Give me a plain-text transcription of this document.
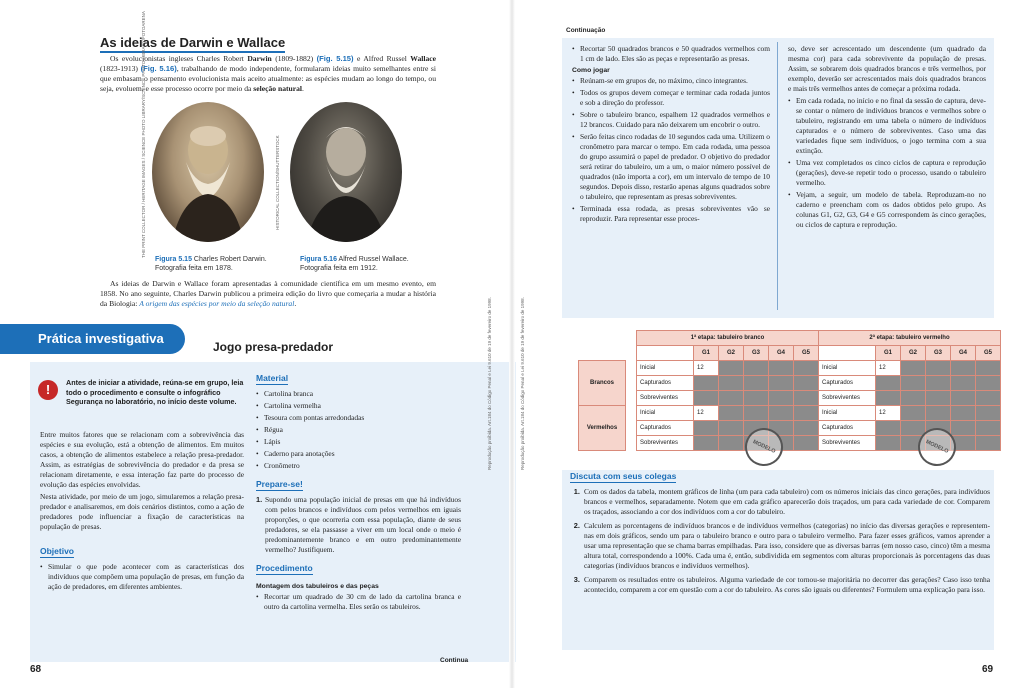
As ideias de Darwin e Wallace
Os evolucionistas ingleses Charles Robert Darwin (1809-1882) (Fig. 5.15) e Alfred Russel Wallace (1823-1913) (Fig. 5.16), trabalhando de modo independente, formularam ideias muito semelhantes entre si que embasam o pensamento evolucionista mais aceito atualmente: as espécies mudam ao longo do tempo, ou seja, evoluem, e esse processo ocorre por meio da seleção natural.
THE PRINT COLLECTOR / HERITAGE IMAGES / SCIENCE PHOTO LIBRARY/SCIENCE PHOTO LIBRARY/FOTOARENA	HISTORICAL COLLECTION/SHUTTERSTOCK
Figura 5.15 Charles Robert Darwin. Fotografia feita em 1878.
Figura 5.16 Alfred Russel Wallace. Fotografia feita em 1912.
As ideias de Darwin e Wallace foram apresentadas à comunidade científica em um mesmo evento, em 1858. No ano seguinte, Charles Darwin publicou a primeira edição do livro que começaria a mudar a história da Biologia: A origem das espécies por meio da seleção natural.
Prática investigativa
Jogo presa-predador
!	Antes de iniciar a atividade, reúna-se em grupo, leia todo o procedimento e consulte o infográfico Segurança no laboratório, no início deste volume.

Entre muitos fatores que se relacionam com a sobrevivência das espécies e sua evolução, está a obtenção de alimentos. Em muitos casos, a obtenção de alimentos estabelece a relação presa-predador. Assim, as estratégias de sobrevivência do predador e da presa se relacionam diretamente, e essa interação faz parte do processo de evolução das espécies envolvidas.

Nesta atividade, por meio de um jogo, simularemos a relação presa-predador e analisaremos, em dois cenários distintos, como a ação de predadores pode influenciar a fixação de características na população de presas.

Objetivo
• Simular o que pode acontecer com as características dos indivíduos que compõem uma população de presas, em função da ação de predadores, em diferentes ambientes.
Material
• Cartolina branca
• Cartolina vermelha
• Tesoura com pontas arredondadas
• Régua
• Lápis
• Caderno para anotações
• Cronômetro
Prepare-se!
1. Supondo uma população inicial de presas em que há indivíduos com pelos brancos e indivíduos com pelos vermelhos em iguais proporções, o que ocorreria com essa população, diante de seus predadores, se ela passasse a viver em um local onde o meio é predominantemente branco e em outro predominantemente vermelho? Justifiquem.
Procedimento
Montagem dos tabuleiros e das peças
• Recortar um quadrado de 30 cm de lado da cartolina branca e outro da cartolina vermelha. Eles serão os tabuleiros.
68
Continua
Reprodução proibida. Art.184 do Código Penal e Lei 9.610 de 19 de fevereiro de 1998.	Reprodução proibida. Art.184 do Código Penal e Lei 9.610 de 19 de fevereiro de 1998.
Continuação
• Recortar 50 quadrados brancos e 50 quadrados vermelhos com 1 cm de lado. Eles são as peças e representarão as presas.
Como jogar
• Reúnam-se em grupos de, no máximo, cinco integrantes.
• Todos os grupos devem começar e terminar cada rodada juntos e sob a direção do professor.
• Sobre o tabuleiro branco, espalhem 12 quadrados vermelhos e 12 brancos. Cuidado para não deixarem um encobrir o outro.
• Serão feitas cinco rodadas de 10 segundos cada uma. Utilizem o cronômetro para marcar o tempo. Em cada rodada, uma pessoa do grupo assumirá o papel de predador. O objetivo do predador será retirar do tabuleiro, um a um, o maior número possível de quadrados (não importa a cor), em um intervalo de tempo de 10 segundos. Depois disso, restarão apenas alguns quadrados sobre o tabuleiro, que representam as presas sobreviventes.
• Terminada essa rodada, as presas sobreviventes vão se reproduzir. Para representar esse proces-

so, deve ser acrescentado um descendente (um quadrado da mesma cor) para cada sobrevivente da população de presas. Assim, se sobrarem dois quadrados brancos e três vermelhos, por exemplo, deverão ser acrescentados mais dois quadrados brancos e mais três vermelhos antes de começar a próxima rodada.

• Em cada rodada, no início e no final da sessão de captura, deve-se contar o número de indivíduos brancos e vermelhos sobre o tabuleiro, registrando em uma tabela o número de indivíduos capturados e o número de sobreviventes. Caso uma das variedades fique sem indivíduos, o jogo termina com a sua extinção.
• Uma vez completados os cinco ciclos de captura e reprodução (gerações), deve-se repetir todo o processo, usando o tabuleiro vermelho.
• Vejam, a seguir, um modelo de tabela. Reproduzam-no no caderno e preencham com os dados obtidos pelo grupo. As colunas G1, G2, G3, G4 e G5 correspondem às cinco gerações, ou ciclos de captura e reprodução.
		1ª etapa: tabuleiro branco						2ª etapa: tabuleiro vermelho					
			G1	G2	G3	G4	G5		G1	G2	G3	G4	G5
Brancos		Inicial	12					Inicial	12				
		Capturados						Capturados					
		Sobreviventes						Sobreviventes					
Vermelhos		Inicial	12					Inicial	12				
		Capturados						Capturados					
		Sobreviventes						Sobreviventes					
MODELO	MODELO
Discuta com seus colegas
1. Com os dados da tabela, montem gráficos de linha (um para cada tabuleiro) com os números iniciais das cinco gerações, para indivíduos brancos e vermelhos, separadamente. Notem que em cada gráfico aparecerão dois traçados, um para cada variedade de cor. Comparem os traçados, associando a cor dos indivíduos com a cor do tabuleiro.
2. Calculem as porcentagens de indivíduos brancos e de indivíduos vermelhos (categorias) no início das diversas gerações e representem-nas em dois gráficos, sendo um para o tabuleiro branco e outro para o tabuleiro vermelho. Para fazer esses gráficos, vamos aprender a usar uma representação que se chama barras empilhadas. Para isso, considere que as diversas barras (em nosso caso, cinco) têm a mesma altura total, correspondendo a 100%. Cada uma é, então, subdividida em segmentos com alturas proporcionais às porcentagens das duas categorias (indivíduos brancos e indivíduos vermelhos).
3. Comparem os resultados entre os tabuleiros. Alguma variedade de cor tornou-se majoritária no decorrer das gerações? Caso isso tenha acontecido, comparem a cor em questão com a cor do tabuleiro. As cores são iguais ou diferentes? Formulem uma explicação para isso.
69
